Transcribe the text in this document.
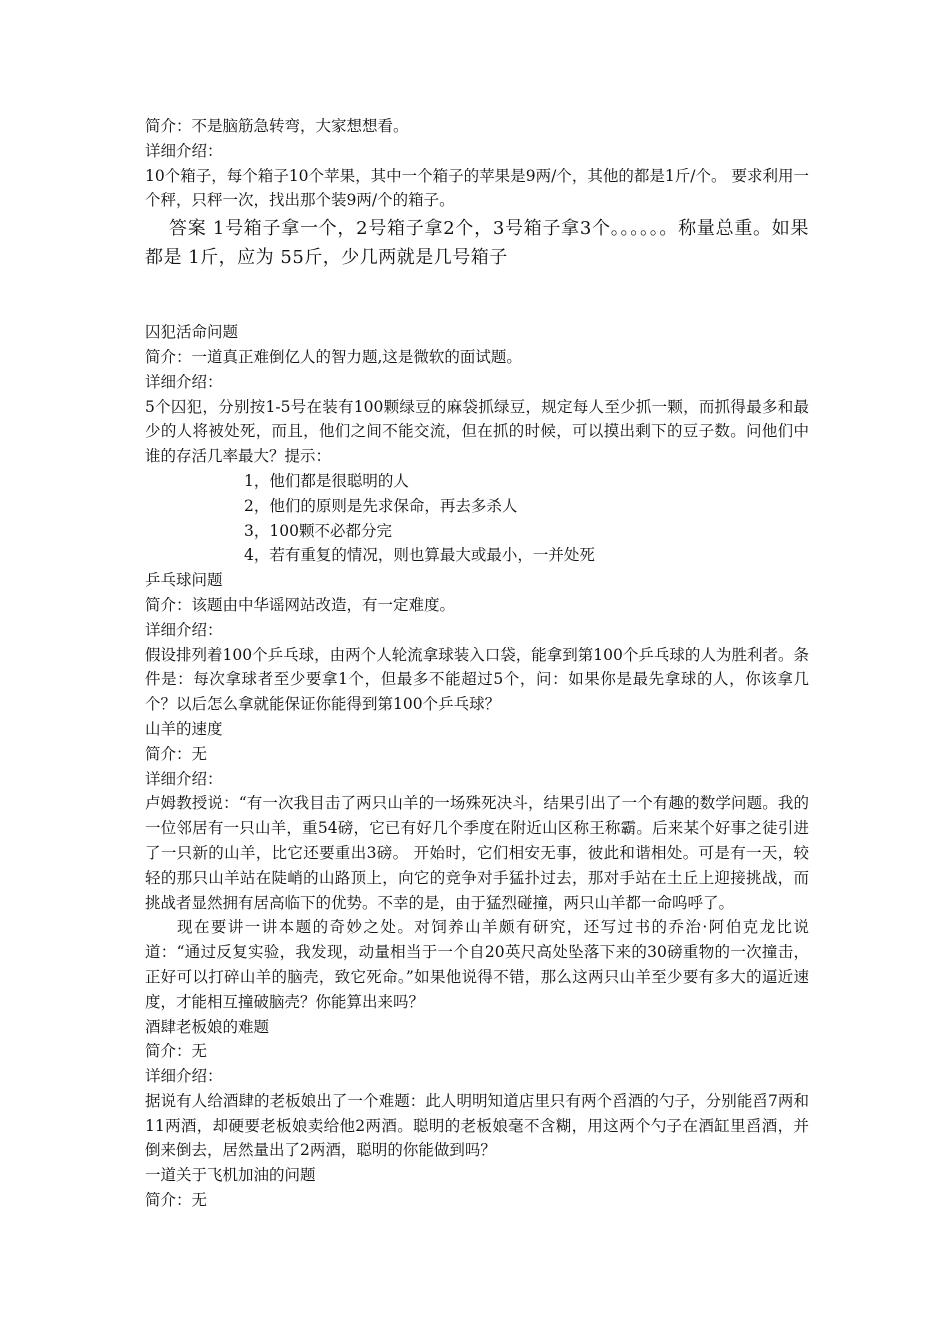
简介：不是脑筋急转弯，大家想想看。
详细介绍：
10个箱子，每个箱子10个苹果，其中一个箱子的苹果是9两/个，其他的都是1斤/个。 要求利用一个秤，只秤一次，找出那个装9两/个的箱子。
答案 1号箱子拿一个，2号箱子拿2个，3号箱子拿3个。。。。。。称量总重。如果都是 1斤，应为 55斤，少几两就是几号箱子
囚犯活命问题
简介：一道真正难倒亿人的智力题,这是微软的面试题。
详细介绍：
5个囚犯，分别按1-5号在装有100颗绿豆的麻袋抓绿豆，规定每人至少抓一颗，而抓得最多和最少的人将被处死，而且，他们之间不能交流，但在抓的时候，可以摸出剩下的豆子数。问他们中谁的存活几率最大？提示：
1，他们都是很聪明的人
2，他们的原则是先求保命，再去多杀人
3，100颗不必都分完
4，若有重复的情况，则也算最大或最小，一并处死
乒乓球问题
简介：该题由中华谣网站改造，有一定难度。
详细介绍：
假设排列着100个乒乓球，由两个人轮流拿球装入口袋，能拿到第100个乒乓球的人为胜利者。条件是：每次拿球者至少要拿1个，但最多不能超过5个，问：如果你是最先拿球的人，你该拿几个？以后怎么拿就能保证你能得到第100个乒乓球？
山羊的速度
简介：无
详细介绍：
卢姆教授说：“有一次我目击了两只山羊的一场殊死决斗，结果引出了一个有趣的数学问题。我的一位邻居有一只山羊，重54磅，它已有好几个季度在附近山区称王称霸。后来某个好事之徒引进了一只新的山羊，比它还要重出3磅。 开始时，它们相安无事，彼此和谐相处。可是有一天，较轻的那只山羊站在陡峭的山路顶上，向它的竞争对手猛扑过去，那对手站在土丘上迎接挑战，而挑战者显然拥有居高临下的优势。不幸的是，由于猛烈碰撞，两只山羊都一命呜呼了。
现在要讲一讲本题的奇妙之处。对饲养山羊颇有研究，还写过书的乔治·阿伯克龙比说道：“通过反复实验，我发现，动量相当于一个自20英尺高处坠落下来的30磅重物的一次撞击，正好可以打碎山羊的脑壳，致它死命。”如果他说得不错，那么这两只山羊至少要有多大的逼近速度，才能相互撞破脑壳？你能算出来吗？
酒肆老板娘的难题
简介：无
详细介绍：
据说有人给酒肆的老板娘出了一个难题：此人明明知道店里只有两个舀酒的勺子，分别能舀7两和11两酒，却硬要老板娘卖给他2两酒。聪明的老板娘毫不含糊，用这两个勺子在酒缸里舀酒，并倒来倒去，居然量出了2两酒，聪明的你能做到吗？
一道关于飞机加油的问题
简介：无
